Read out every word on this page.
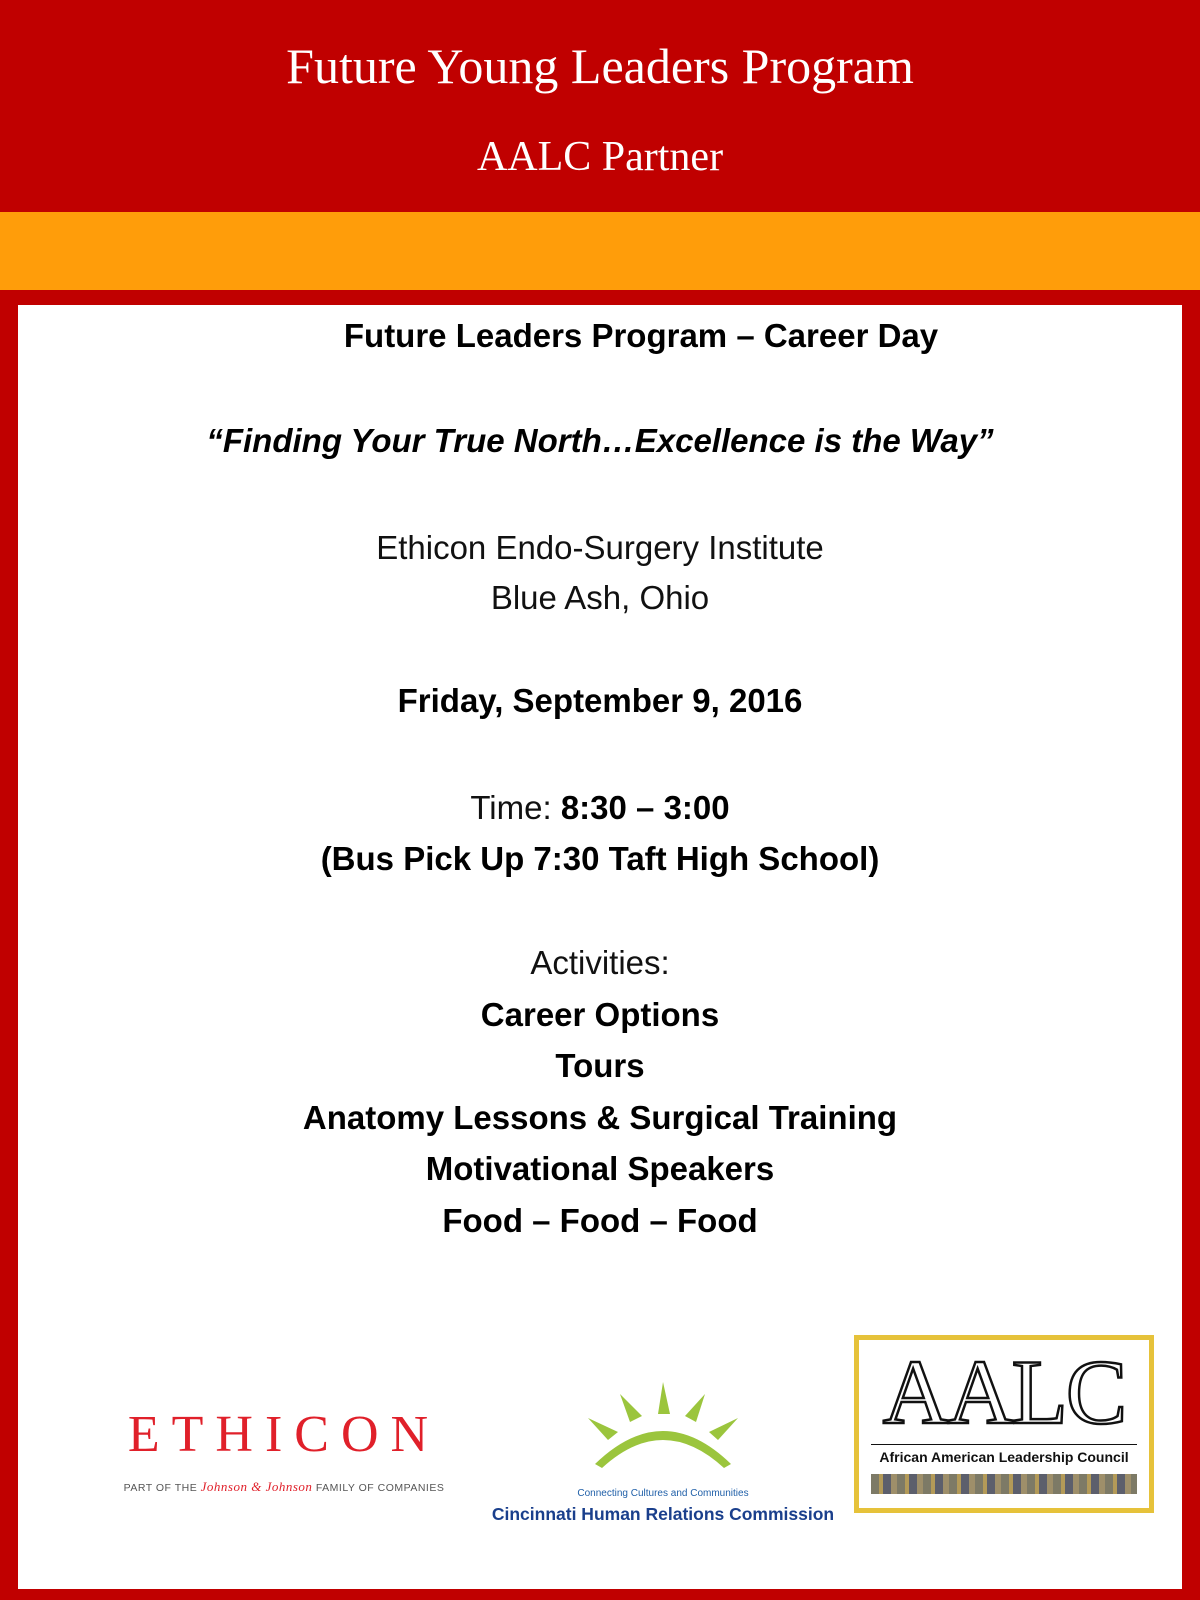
Future Young Leaders Program
AALC Partner
Future Leaders Program – Career Day
“Finding Your True North…Excellence is the Way”
Ethicon Endo-Surgery Institute
Blue Ash, Ohio
Friday, September 9, 2016
Time: 8:30 – 3:00
(Bus Pick Up 7:30 Taft High School)
Activities:
Career Options
Tours
Anatomy Lessons & Surgical Training
Motivational Speakers
Food – Food – Food
ETHICON
PART OF THE Johnson & Johnson FAMILY OF COMPANIES	Connecting Cultures and Communities
Cincinnati Human Relations Commission
AALC
African American Leadership Council
